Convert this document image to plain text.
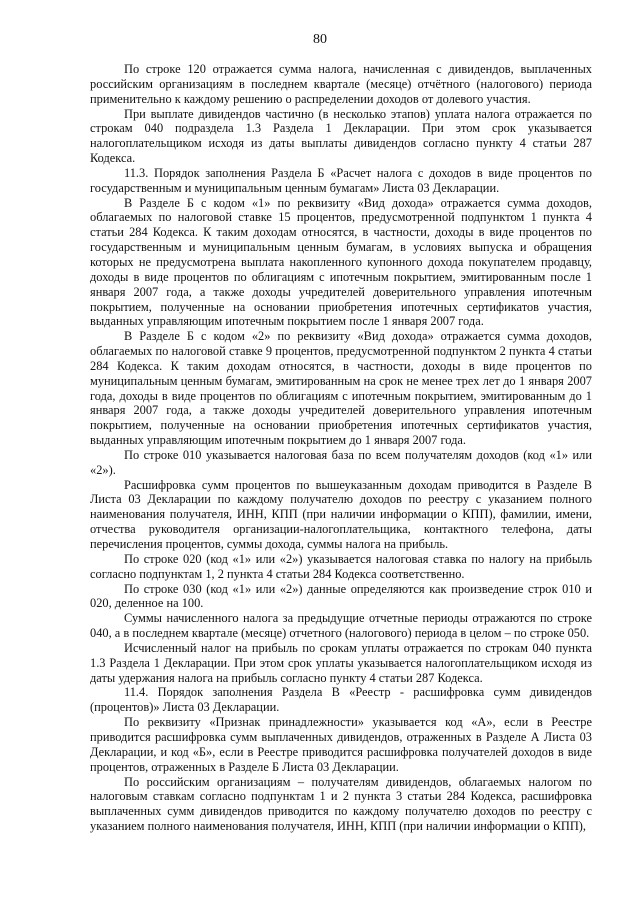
80

По строке 120 отражается сумма налога, начисленная с дивидендов, выплаченных российским организациям в последнем квартале (месяце) отчётного (налогового) периода применительно к каждому решению о распределении доходов от долевого участия.

При выплате дивидендов частично (в несколько этапов) уплата налога отражается по строкам 040 подраздела 1.3 Раздела 1 Декларации. При этом срок указывается налогоплательщиком исходя из даты выплаты дивидендов согласно пункту 4 статьи 287 Кодекса.

11.3. Порядок заполнения Раздела Б «Расчет налога с доходов в виде процентов по государственным и муниципальным ценным бумагам» Листа 03 Декларации.

В Разделе Б с кодом «1» по реквизиту «Вид дохода» отражается сумма доходов, облагаемых по налоговой ставке 15 процентов, предусмотренной подпунктом 1 пункта 4 статьи 284 Кодекса. К таким доходам относятся, в частности, доходы в виде процентов по государственным и муниципальным ценным бумагам, в условиях выпуска и обращения которых не предусмотрена выплата накопленного купонного дохода покупателем продавцу, доходы в виде процентов по облигациям с ипотечным покрытием, эмитированным после 1 января 2007 года, а также доходы учредителей доверительного управления ипотечным покрытием, полученные на основании приобретения ипотечных сертификатов участия, выданных управляющим ипотечным покрытием после 1 января 2007 года.

В Разделе Б с кодом «2» по реквизиту «Вид дохода» отражается сумма доходов, облагаемых по налоговой ставке 9 процентов, предусмотренной подпунктом 2 пункта 4 статьи 284 Кодекса. К таким доходам относятся, в частности, доходы в виде процентов по муниципальным ценным бумагам, эмитированным на срок не менее трех лет до 1 января 2007 года, доходы в виде процентов по облигациям с ипотечным покрытием, эмитированным до 1 января 2007 года, а также доходы учредителей доверительного управления ипотечным покрытием, полученные на основании приобретения ипотечных сертификатов участия, выданных управляющим ипотечным покрытием до 1 января 2007 года.

По строке 010 указывается налоговая база по всем получателям доходов (код «1» или «2»).

Расшифровка сумм процентов по вышеуказанным доходам приводится в Разделе В Листа 03 Декларации по каждому получателю доходов по реестру с указанием полного наименования получателя, ИНН, КПП (при наличии информации о КПП), фамилии, имени, отчества руководителя организации-налогоплательщика, контактного телефона, даты перечисления процентов, суммы дохода, суммы налога на прибыль.

По строке 020 (код «1» или «2») указывается налоговая ставка по налогу на прибыль согласно подпунктам 1, 2 пункта 4 статьи 284 Кодекса соответственно.

По строке 030 (код «1» или «2») данные определяются как произведение строк 010 и 020, деленное на 100.

Суммы начисленного налога за предыдущие отчетные периоды отражаются по строке 040, а в последнем квартале (месяце) отчетного (налогового) периода в целом – по строке 050.

Исчисленный налог на прибыль по срокам уплаты отражается по строкам 040 пункта 1.3 Раздела 1 Декларации. При этом срок уплаты указывается налогоплательщиком исходя из даты удержания налога на прибыль согласно пункту 4 статьи 287 Кодекса.

11.4. Порядок заполнения Раздела В «Реестр - расшифровка сумм дивидендов (процентов)» Листа 03 Декларации.

По реквизиту «Признак принадлежности» указывается код «А», если в Реестре приводится расшифровка сумм выплаченных дивидендов, отраженных в Разделе А Листа 03 Декларации, и код «Б», если в Реестре приводится расшифровка получателей доходов в виде процентов, отраженных в Разделе Б Листа 03 Декларации.

По российским организациям – получателям дивидендов, облагаемых налогом по налоговым ставкам согласно подпунктам 1 и 2 пункта 3 статьи 284 Кодекса, расшифровка выплаченных сумм дивидендов приводится по каждому получателю доходов по реестру с указанием полного наименования получателя, ИНН, КПП (при наличии информации о КПП),
